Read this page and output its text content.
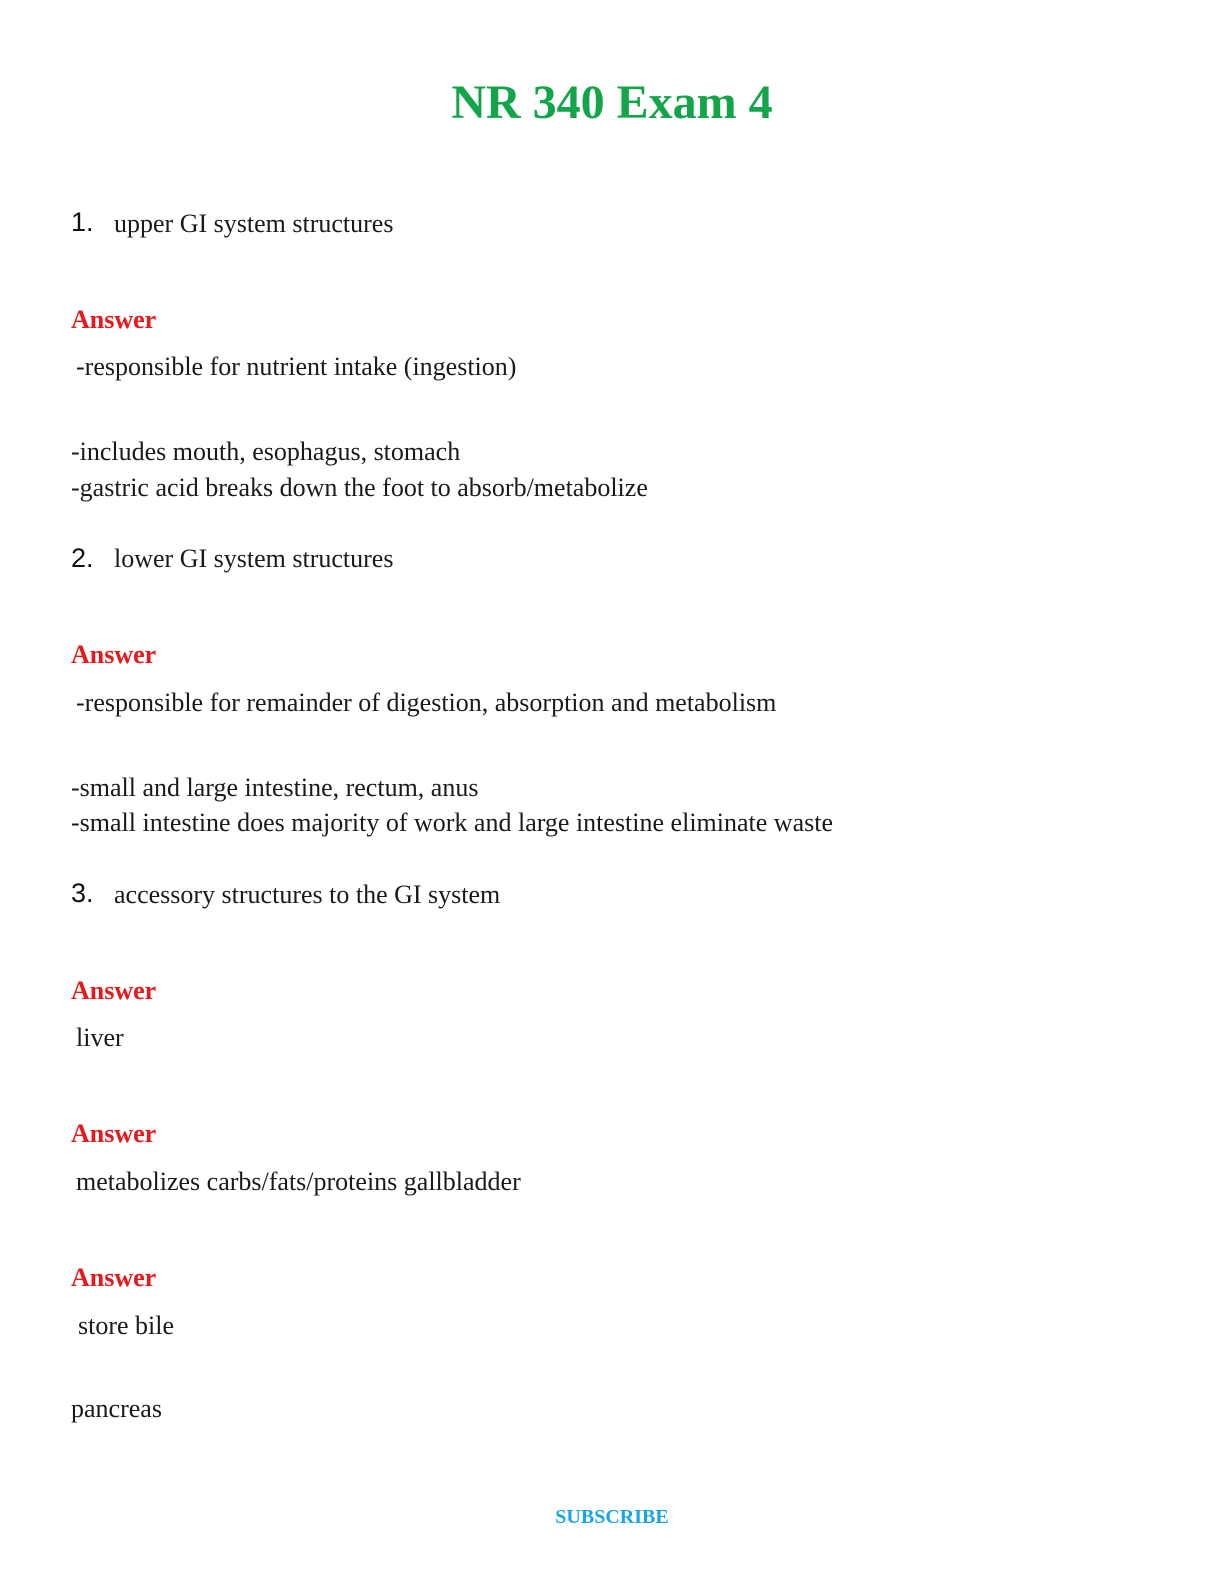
NR 340 Exam 4
1. upper GI system structures
Answer
-responsible for nutrient intake (ingestion)
-includes mouth, esophagus, stomach
-gastric acid breaks down the foot to absorb/metabolize
2. lower GI system structures
Answer
-responsible for remainder of digestion, absorption and metabolism
-small and large intestine, rectum, anus
-small intestine does majority of work and large intestine eliminate waste
3. accessory structures to the GI system
Answer
liver
Answer
metabolizes carbs/fats/proteins gallbladder
Answer
store bile
pancreas
SUBSCRIBE
